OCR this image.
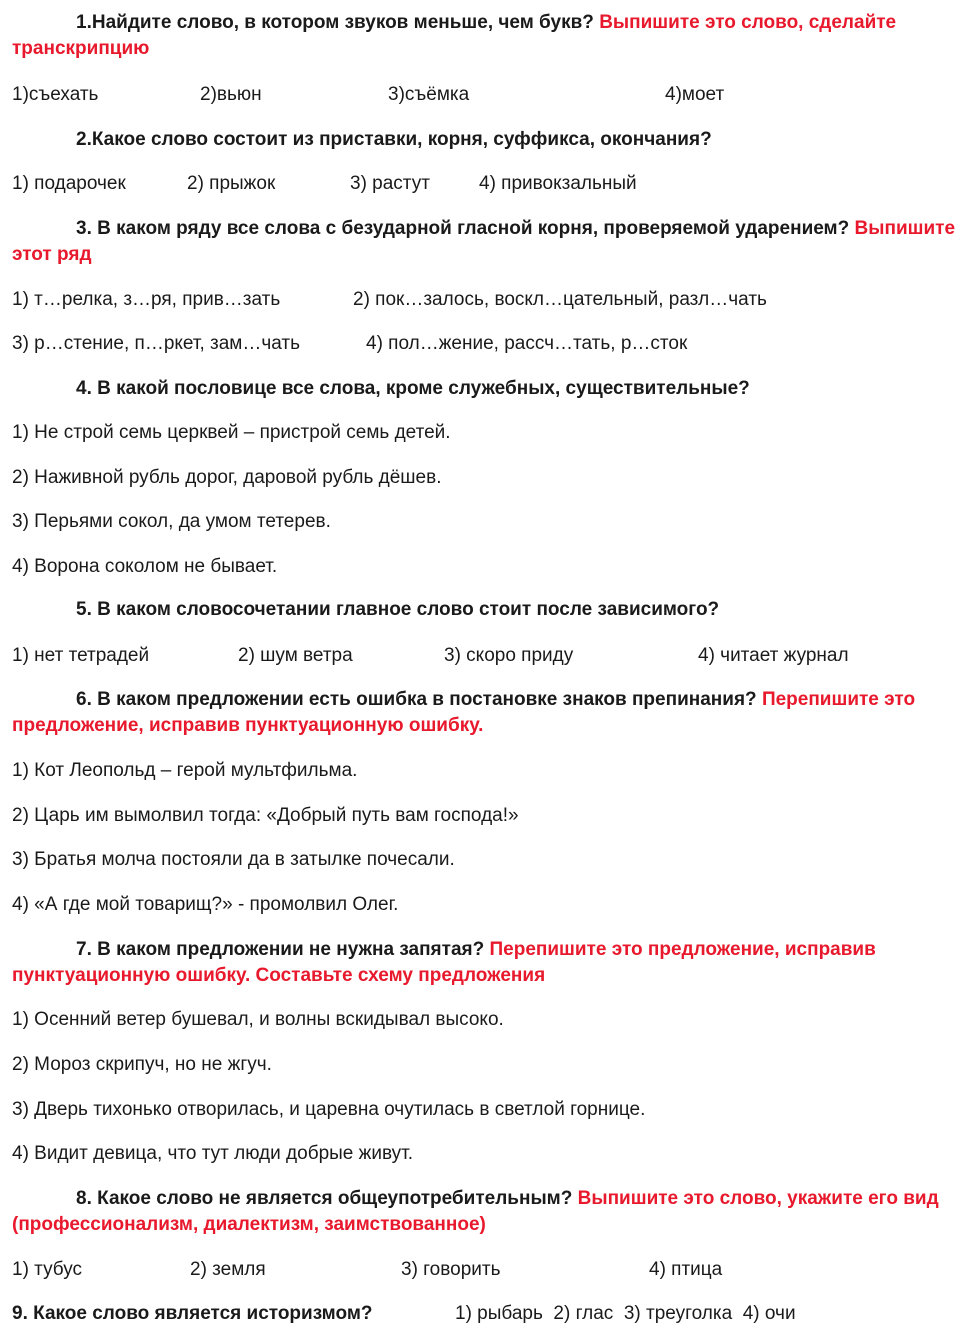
1.Найдите слово, в котором звуков меньше, чем букв? Выпишите это слово, сделайте транскрипцию
1)съехать	2)вьюн	3)съёмка	4)моет
2.Какое слово состоит из приставки, корня, суффикса, окончания?
1) подарочек	2) прыжок	3) растут	4) привокзальный
3. В каком ряду все слова с безударной гласной корня, проверяемой ударением? Выпишите этот ряд
1) т…релка, з…ря, прив…зать	2) пок…залось, воскл…цательный, разл…чать
3) р…стение, п…ркет, зам…чать	4) пол…жение, рассч…тать, р…сток
4. В какой пословице все слова, кроме служебных, существительные?
1) Не строй семь церквей – пристрой семь детей.
2) Наживной рубль дорог, даровой рубль дёшев.
3) Перьями сокол, да умом тетерев.
4) Ворона соколом не бывает.
5. В каком словосочетании главное слово стоит после зависимого?
1) нет тетрадей	2) шум ветра	3) скоро приду	4) читает журнал
6. В каком предложении есть ошибка в постановке знаков препинания? Перепишите это предложение, исправив пунктуационную ошибку.
1) Кот Леопольд – герой мультфильма.
2) Царь им вымолвил тогда: «Добрый путь вам господа!»
3) Братья молча постояли да в затылке почесали.
4) «А где мой товарищ?» - промолвил Олег.
7. В каком предложении не нужна запятая? Перепишите это предложение, исправив пунктуационную ошибку. Составьте схему предложения
1) Осенний ветер бушевал, и волны вскидывал высоко.
2) Мороз скрипуч, но не жгуч.
3) Дверь тихонько отворилась, и царевна очутилась в светлой горнице.
4) Видит девица, что тут люди добрые живут.
8. Какое слово не является общеупотребительным? Выпишите это слово, укажите его вид (профессионализм, диалектизм, заимствованное)
1) тубус	2) земля	3) говорить	4) птица
9. Какое слово является историзмом?	1) рыбарь  2) глас  3) треуголка  4) очи
